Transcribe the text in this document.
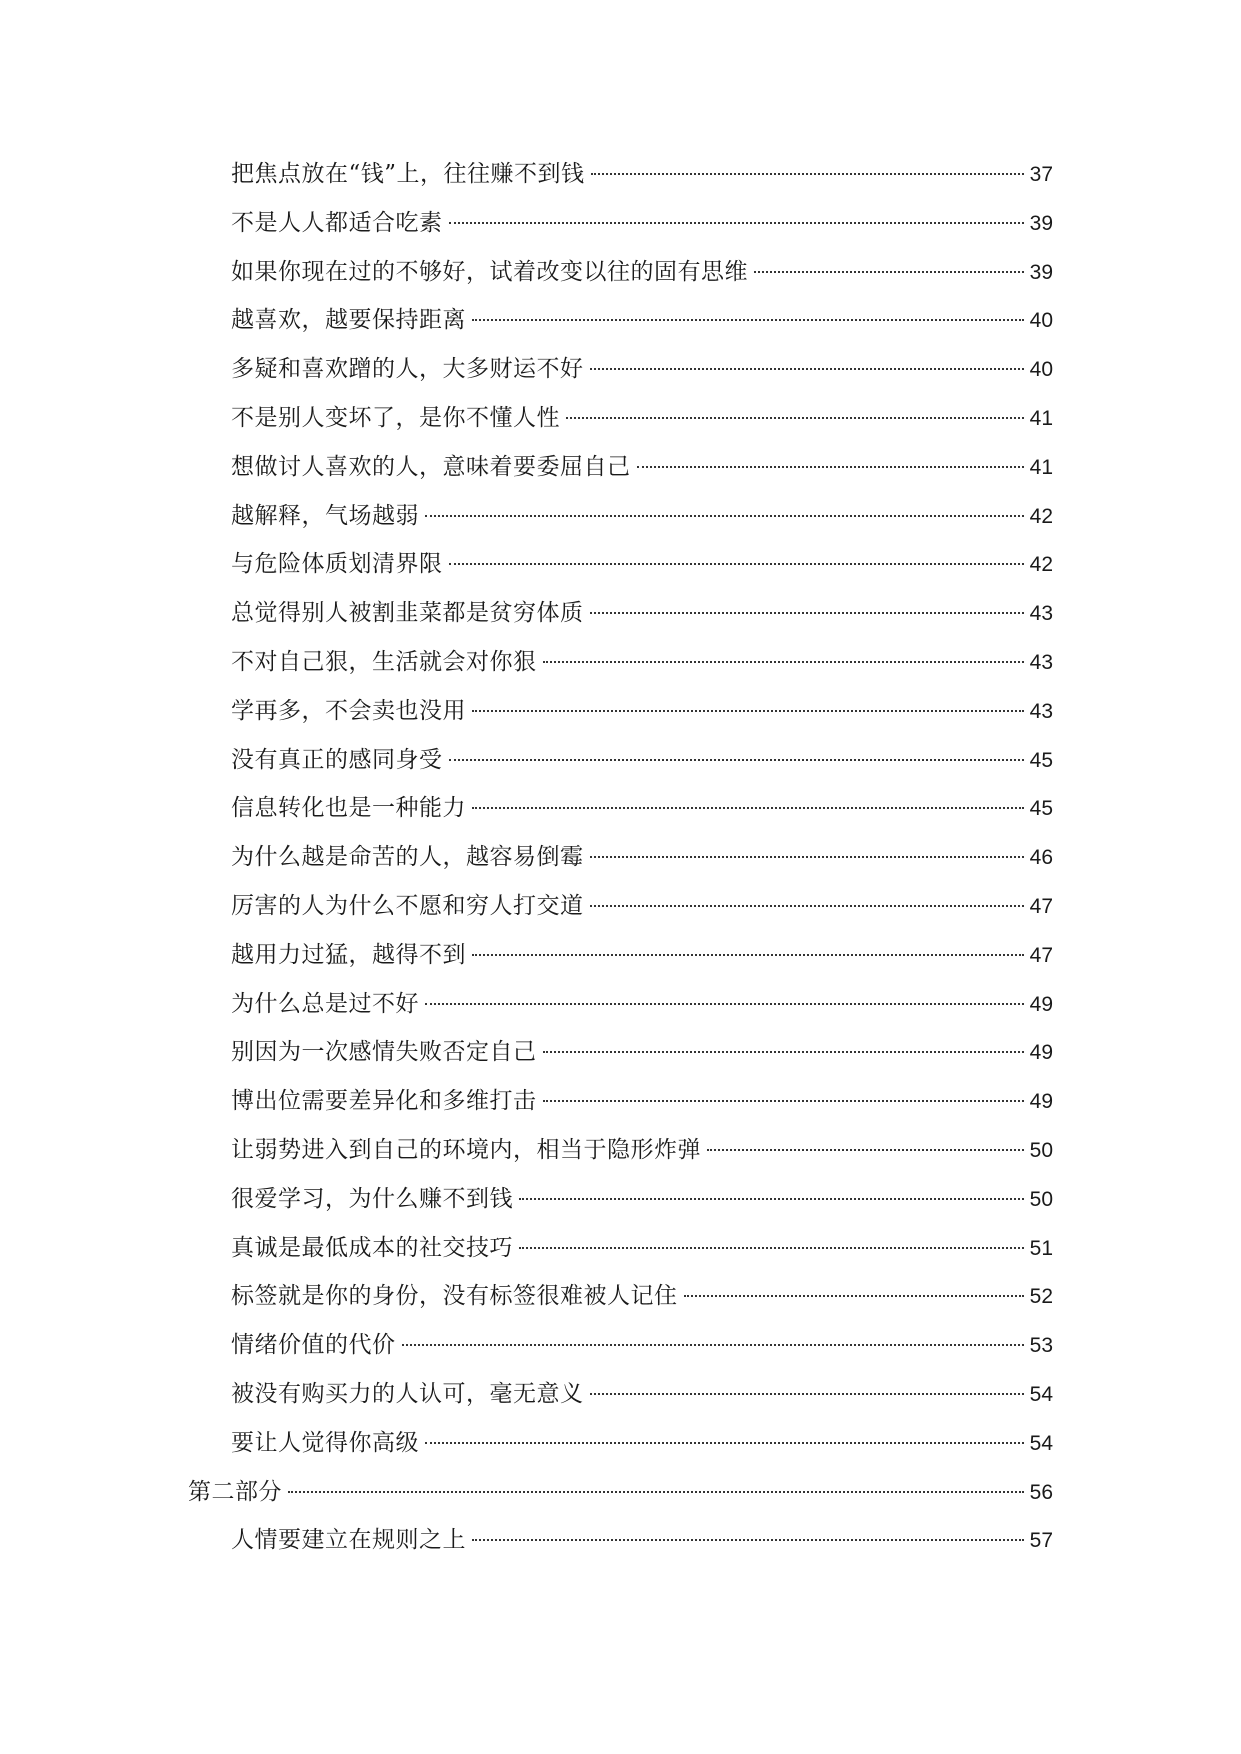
把焦点放在“钱”上，往往赚不到钱	37
不是人人都适合吃素	39
如果你现在过的不够好，试着改变以往的固有思维	39
越喜欢，越要保持距离	40
多疑和喜欢蹭的人，大多财运不好	40
不是别人变坏了，是你不懂人性	41
想做讨人喜欢的人，意味着要委屈自己	41
越解释，气场越弱	42
与危险体质划清界限	42
总觉得别人被割韭菜都是贫穷体质	43
不对自己狠，生活就会对你狠	43
学再多，不会卖也没用	43
没有真正的感同身受	45
信息转化也是一种能力	45
为什么越是命苦的人，越容易倒霉	46
厉害的人为什么不愿和穷人打交道	47
越用力过猛，越得不到	47
为什么总是过不好	49
别因为一次感情失败否定自己	49
博出位需要差异化和多维打击	49
让弱势进入到自己的环境内，相当于隐形炸弹	50
很爱学习，为什么赚不到钱	50
真诚是最低成本的社交技巧	51
标签就是你的身份，没有标签很难被人记住	52
情绪价值的代价	53
被没有购买力的人认可，毫无意义	54
要让人觉得你高级	54
第二部分	56
人情要建立在规则之上	57
